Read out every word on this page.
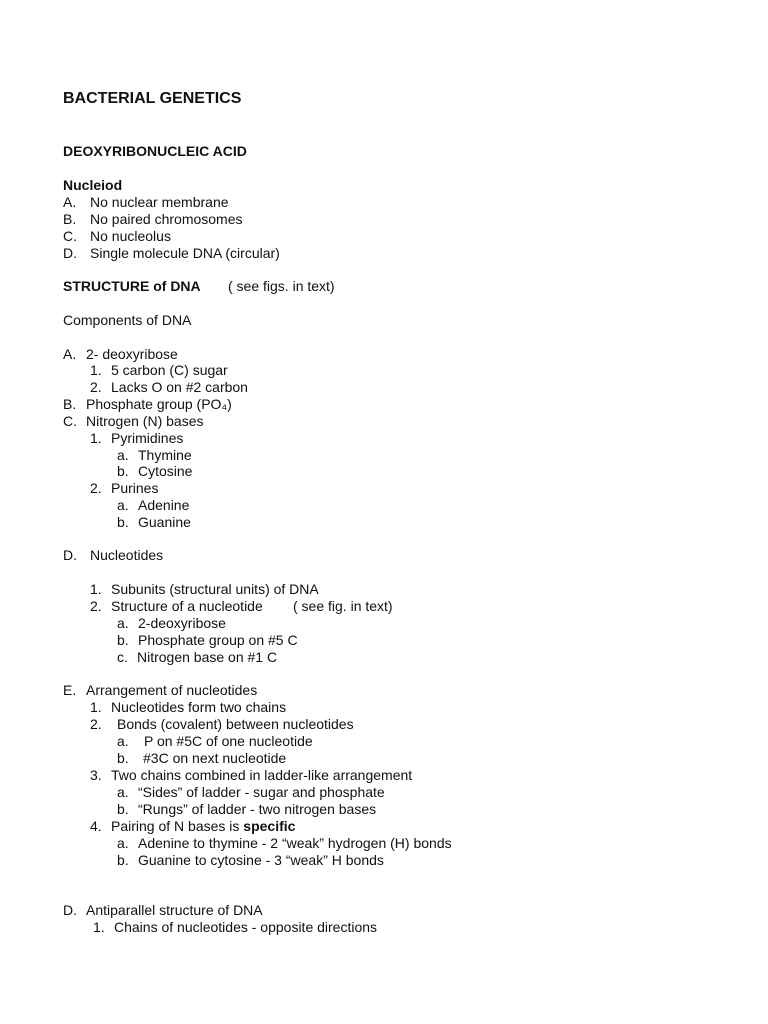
BACTERIAL GENETICS
DEOXYRIBONUCLEIC ACID
Nucleiod
A. No nuclear membrane
B. No paired chromosomes
C. No nucleolus
D. Single molecule DNA (circular)
STRUCTURE of DNA ( see figs. in text)
Components of DNA
A. 2- deoxyribose
1. 5 carbon (C) sugar
2. Lacks O on #2 carbon
B. Phosphate group (PO₄)
C. Nitrogen (N) bases
1. Pyrimidines
a. Thymine
b. Cytosine
2. Purines
a. Adenine
b. Guanine
D. Nucleotides
1. Subunits (structural units) of DNA
2. Structure of a nucleotide ( see fig. in text)
a. 2-deoxyribose
b. Phosphate group on #5 C
c. Nitrogen base on #1 C
E. Arrangement of nucleotides
1. Nucleotides form two chains
2. Bonds (covalent) between nucleotides
a. P on #5C of one nucleotide
b. #3C on next nucleotide
3. Two chains combined in ladder-like arrangement
a. “Sides” of ladder - sugar and phosphate
b. “Rungs” of ladder - two nitrogen bases
4. Pairing of N bases is specific
a. Adenine to thymine - 2 “weak” hydrogen (H) bonds
b. Guanine to cytosine - 3 “weak” H bonds
D. Antiparallel structure of DNA
1. Chains of nucleotides - opposite directions
